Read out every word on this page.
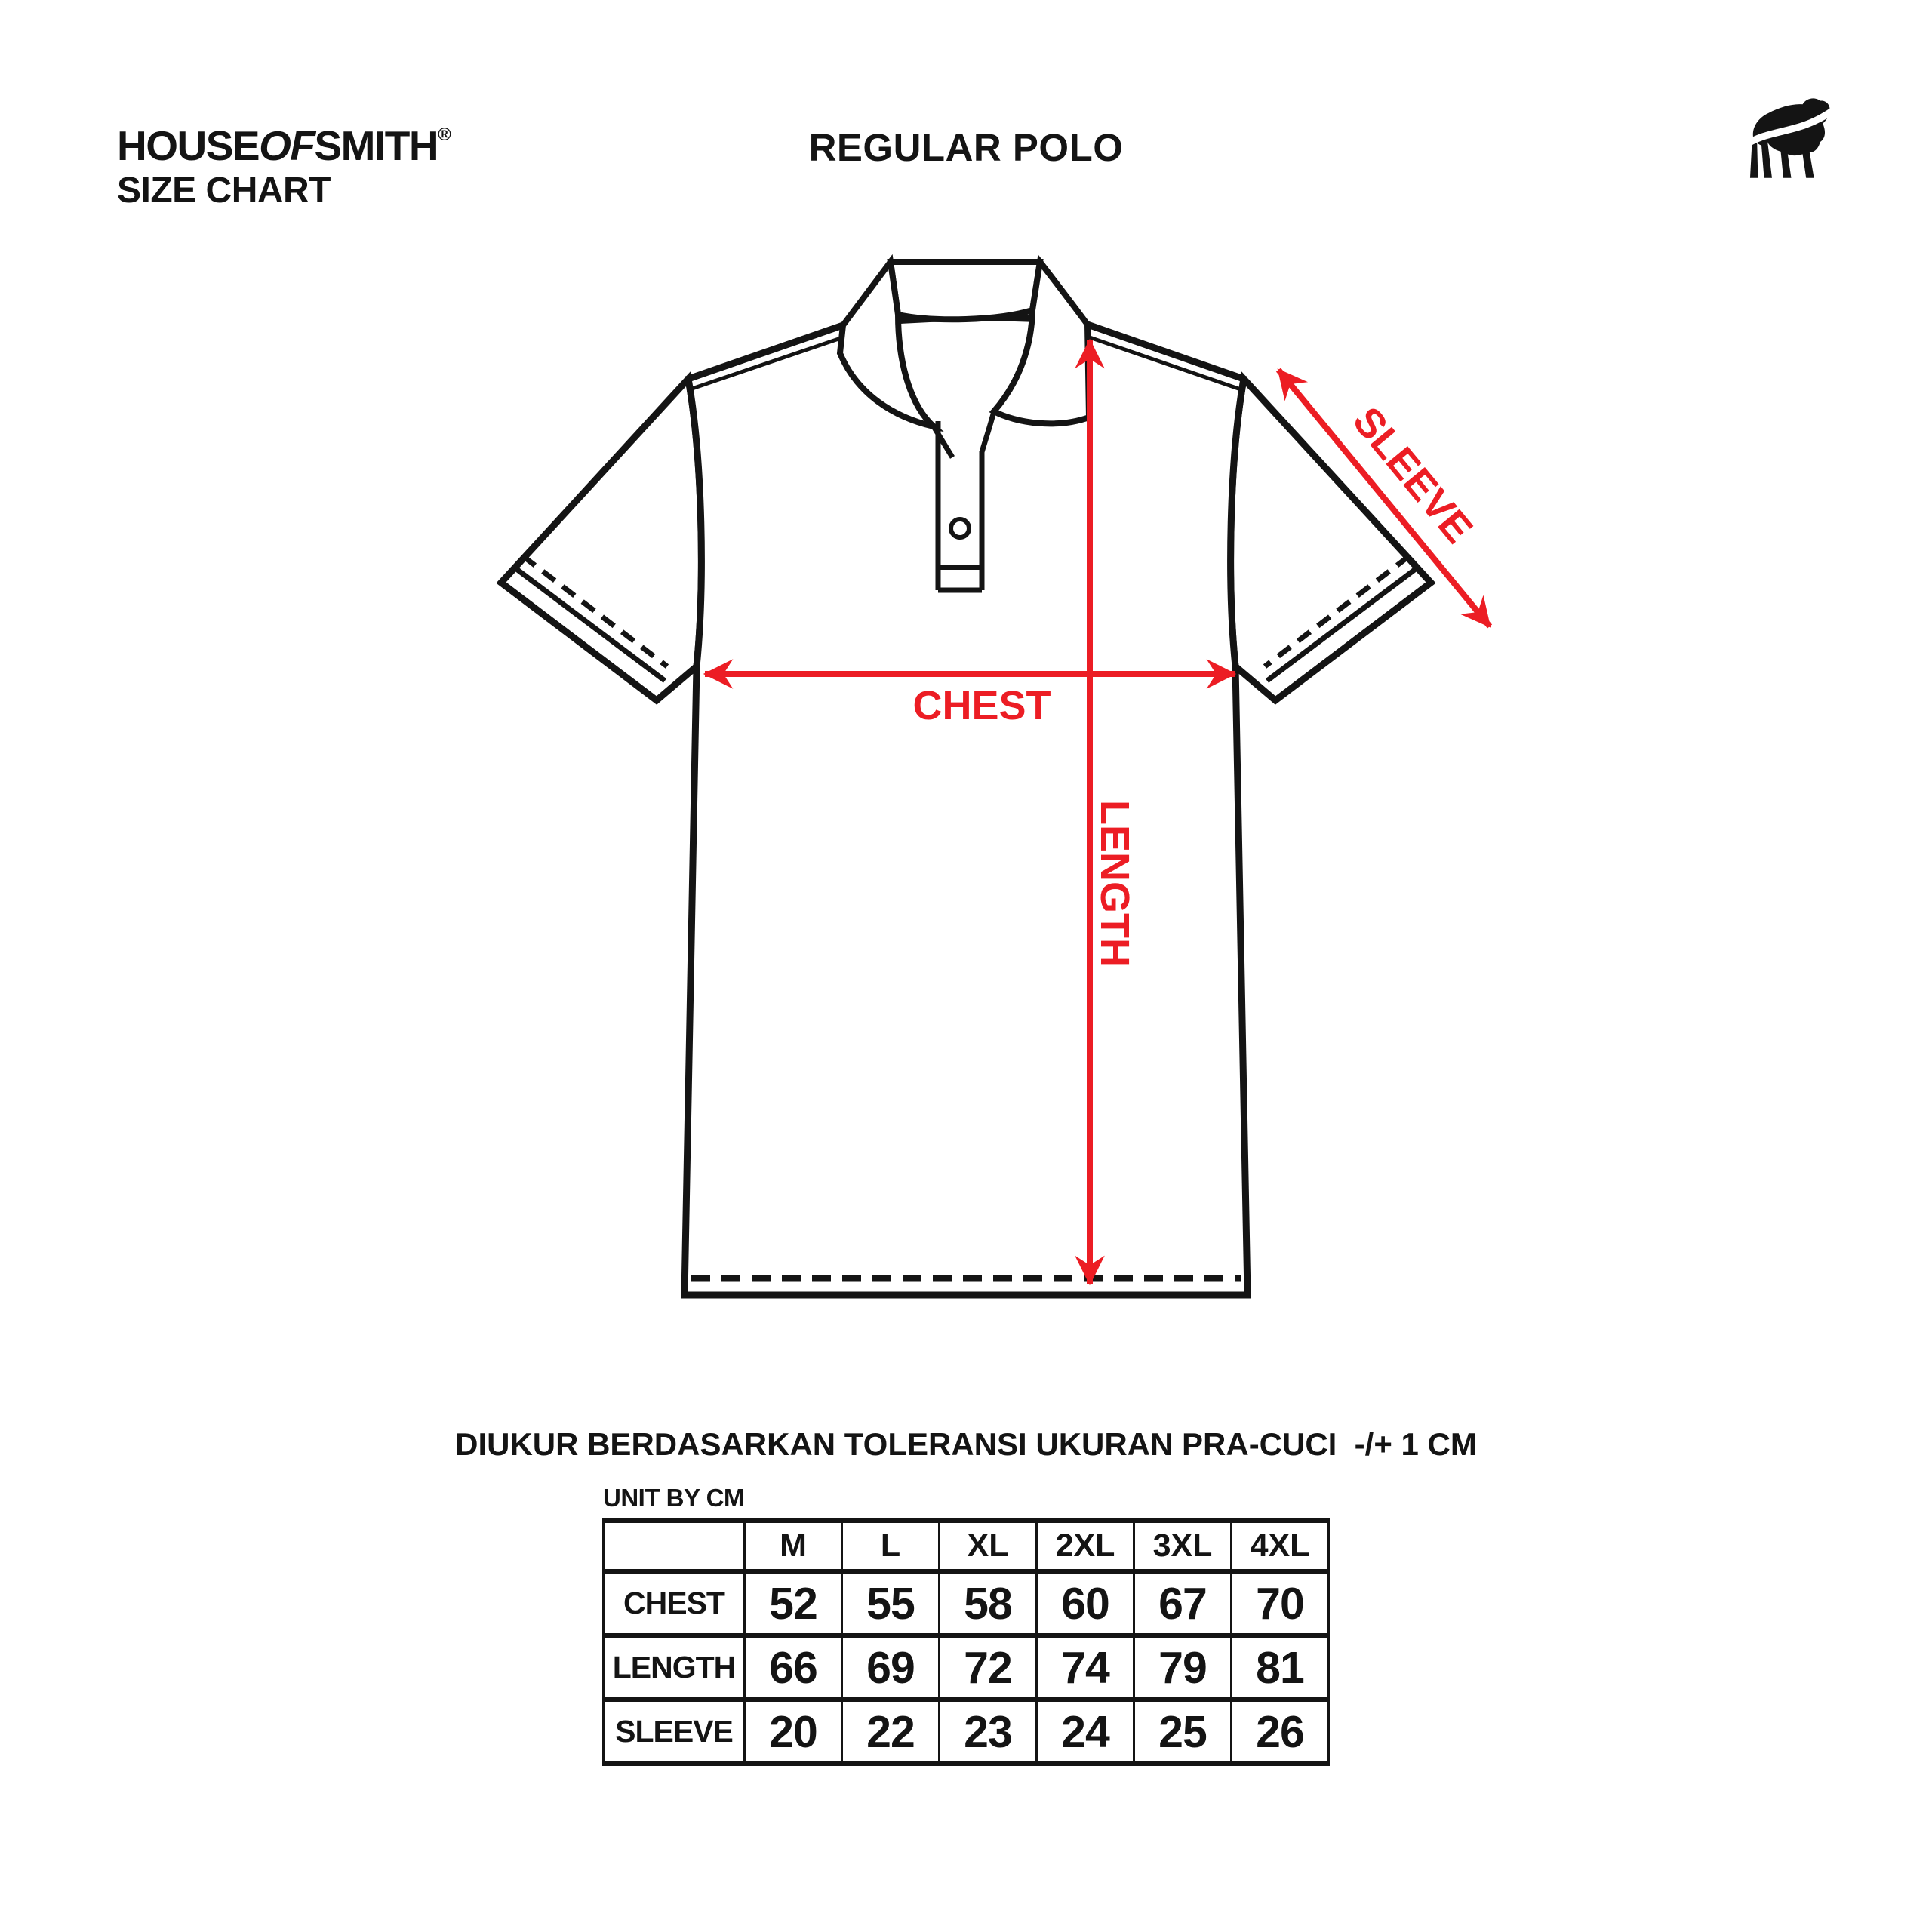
HOUSEOFSMITH®
SIZE CHART
REGULAR POLO
CHEST
LENGTH
SLEEVE
DIUKUR BERDASARKAN TOLERANSI UKURAN PRA-CUCI  -/+ 1 CM
UNIT BY CM
	M	L	XL	2XL	3XL	4XL
CHEST	52	55	58	60	67	70
LENGTH	66	69	72	74	79	81
SLEEVE	20	22	23	24	25	26
